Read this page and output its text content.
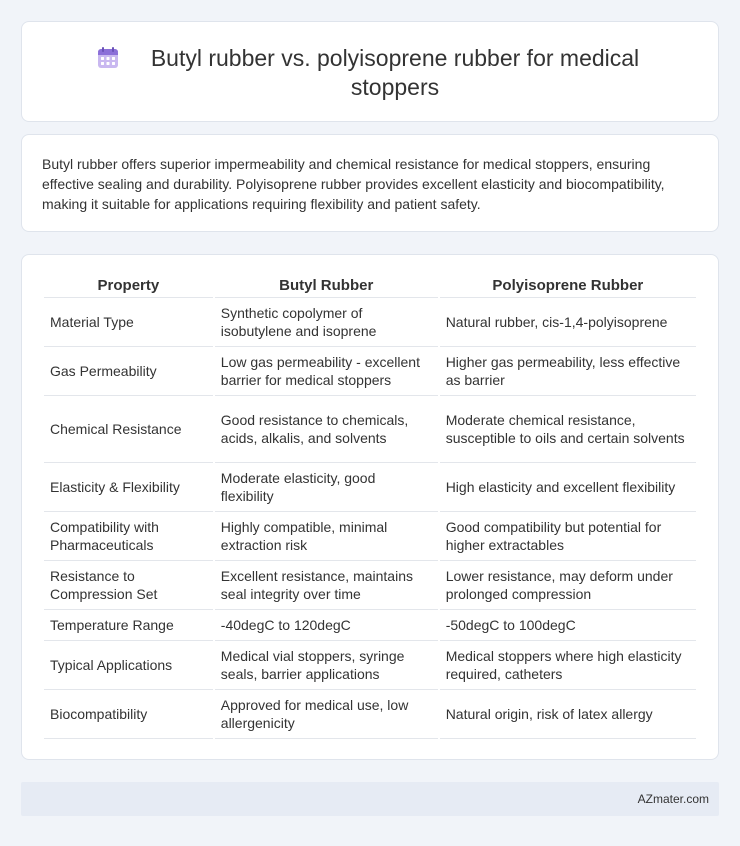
Butyl rubber vs. polyisoprene rubber for medical stoppers

Butyl rubber offers superior impermeability and chemical resistance for medical stoppers, ensuring effective sealing and durability. Polyisoprene rubber provides excellent elasticity and biocompatibility, making it suitable for applications requiring flexibility and patient safety.

Property	Butyl Rubber	Polyisoprene Rubber
Material Type	Synthetic copolymer of isobutylene and isoprene	Natural rubber, cis-1,4-polyisoprene
Gas Permeability	Low gas permeability - excellent barrier for medical stoppers	Higher gas permeability, less effective as barrier
Chemical Resistance	Good resistance to chemicals, acids, alkalis, and solvents	Moderate chemical resistance, susceptible to oils and certain solvents
Elasticity & Flexibility	Moderate elasticity, good flexibility	High elasticity and excellent flexibility
Compatibility with Pharmaceuticals	Highly compatible, minimal extraction risk	Good compatibility but potential for higher extractables
Resistance to Compression Set	Excellent resistance, maintains seal integrity over time	Lower resistance, may deform under prolonged compression
Temperature Range	-40degC to 120degC	-50degC to 100degC
Typical Applications	Medical vial stoppers, syringe seals, barrier applications	Medical stoppers where high elasticity required, catheters
Biocompatibility	Approved for medical use, low allergenicity	Natural origin, risk of latex allergy
AZmater.com
